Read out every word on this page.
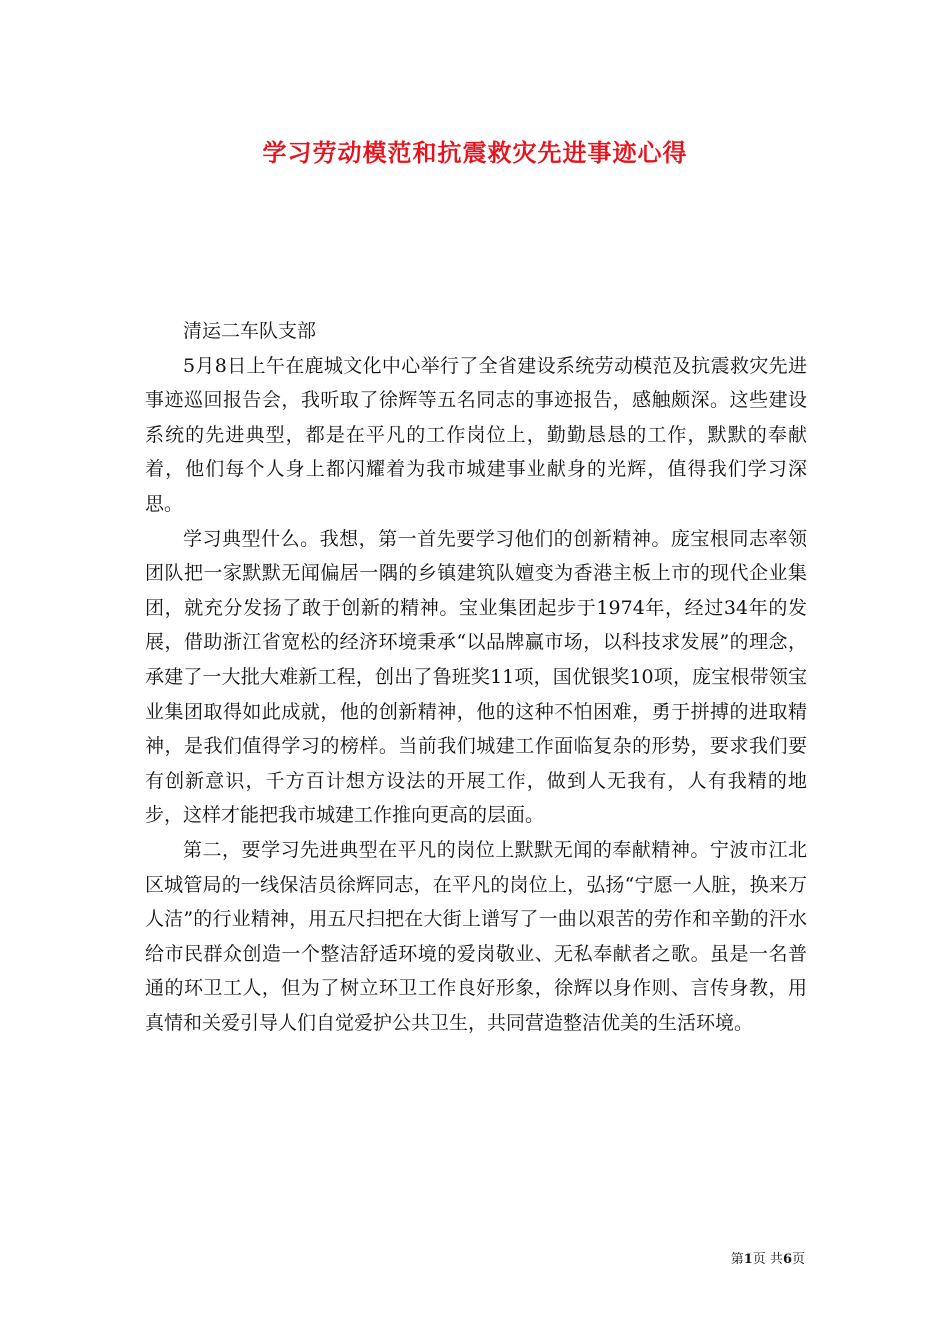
学习劳动模范和抗震救灾先进事迹心得

清运二车队支部

5月8日上午在鹿城文化中心举行了全省建设系统劳动模范及抗震救灾先进事迹巡回报告会，我听取了徐辉等五名同志的事迹报告，感触颇深。这些建设系统的先进典型，都是在平凡的工作岗位上，勤勤恳恳的工作，默默的奉献着，他们每个人身上都闪耀着为我市城建事业献身的光辉，值得我们学习深思。

学习典型什么。我想，第一首先要学习他们的创新精神。庞宝根同志率领团队把一家默默无闻偏居一隅的乡镇建筑队嬗变为香港主板上市的现代企业集团，就充分发扬了敢于创新的精神。宝业集团起步于1974年，经过34年的发展，借助浙江省宽松的经济环境秉承“以品牌赢市场，以科技求发展”的理念，承建了一大批大难新工程，创出了鲁班奖11项，国优银奖10项，庞宝根带领宝业集团取得如此成就，他的创新精神，他的这种不怕困难，勇于拼搏的进取精神，是我们值得学习的榜样。当前我们城建工作面临复杂的形势，要求我们要有创新意识，千方百计想方设法的开展工作，做到人无我有，人有我精的地步，这样才能把我市城建工作推向更高的层面。

第二，要学习先进典型在平凡的岗位上默默无闻的奉献精神。宁波市江北区城管局的一线保洁员徐辉同志，在平凡的岗位上，弘扬“宁愿一人脏，换来万人洁”的行业精神，用五尺扫把在大街上谱写了一曲以艰苦的劳作和辛勤的汗水给市民群众创造一个整洁舒适环境的爱岗敬业、无私奉献者之歌。虽是一名普通的环卫工人，但为了树立环卫工作良好形象，徐辉以身作则、言传身教，用真情和关爱引导人们自觉爱护公共卫生，共同营造整洁优美的生活环境。

第1页 共6页
